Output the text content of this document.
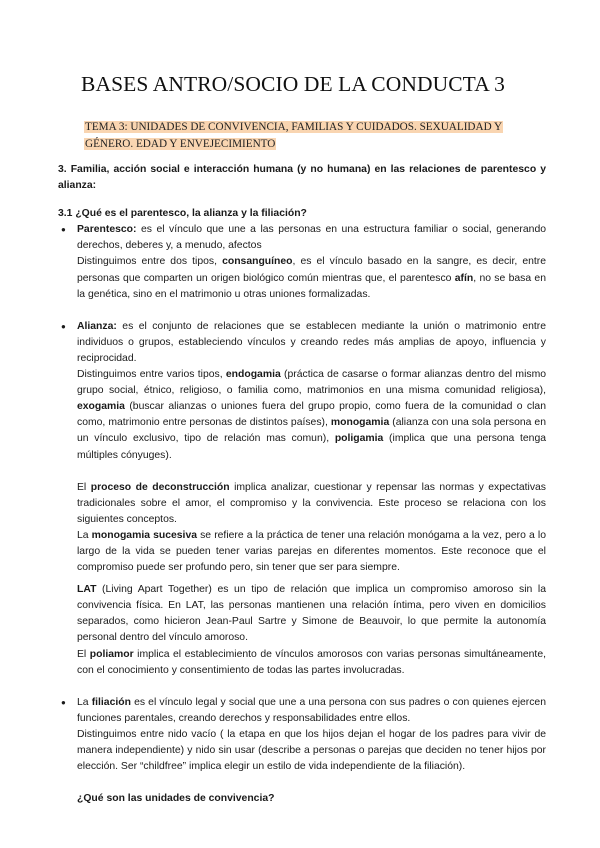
BASES ANTRO/SOCIO DE LA CONDUCTA 3
TEMA 3: UNIDADES DE CONVIVENCIA, FAMILIAS Y CUIDADOS. SEXUALIDAD Y GÉNERO. EDAD Y ENVEJECIMIENTO

3. Familia, acción social e interacción humana (y no humana) en las relaciones de parentesco y alianza:

3.1 ¿Qué es el parentesco, la alianza y la filiación?

● Parentesco: es el vínculo que une a las personas en una estructura familiar o social, generando derechos, deberes y, a menudo, afectos

Distinguimos entre dos tipos, consanguíneo, es el vínculo basado en la sangre, es decir, entre personas que comparten un origen biológico común mientras que, el parentesco afín, no se basa en la genética, sino en el matrimonio u otras uniones formalizadas.

● Alianza: es el conjunto de relaciones que se establecen mediante la unión o matrimonio entre individuos o grupos, estableciendo vínculos y creando redes más amplias de apoyo, influencia y reciprocidad.

Distinguimos entre varios tipos, endogamia (práctica de casarse o formar alianzas dentro del mismo grupo social, étnico, religioso, o familia como, matrimonios en una misma comunidad religiosa), exogamia (buscar alianzas o uniones fuera del grupo propio, como fuera de la comunidad o clan como, matrimonio entre personas de distintos países), monogamia (alianza con una sola persona en un vínculo exclusivo, tipo de relación mas comun), poligamia (implica que una persona tenga múltiples cónyuges).

El proceso de deconstrucción implica analizar, cuestionar y repensar las normas y expectativas tradicionales sobre el amor, el compromiso y la convivencia. Este proceso se relaciona con los siguientes conceptos.

La monogamia sucesiva se refiere a la práctica de tener una relación monógama a la vez, pero a lo largo de la vida se pueden tener varias parejas en diferentes momentos. Este reconoce que el compromiso puede ser profundo pero, sin tener que ser para siempre.

LAT (Living Apart Together) es un tipo de relación que implica un compromiso amoroso sin la convivencia física. En LAT, las personas mantienen una relación íntima, pero viven en domicilios separados, como hicieron Jean-Paul Sartre y Simone de Beauvoir, lo que permite la autonomía personal dentro del vínculo amoroso.

El poliamor implica el establecimiento de vínculos amorosos con varias personas simultáneamente, con el conocimiento y consentimiento de todas las partes involucradas.

● La filiación es el vínculo legal y social que une a una persona con sus padres o con quienes ejercen funciones parentales, creando derechos y responsabilidades entre ellos.

Distinguimos entre nido vacío ( la etapa en que los hijos dejan el hogar de los padres para vivir de manera independiente) y nido sin usar (describe a personas o parejas que deciden no tener hijos por elección. Ser “childfree” implica elegir un estilo de vida independiente de la filiación).

¿Qué son las unidades de convivencia?
